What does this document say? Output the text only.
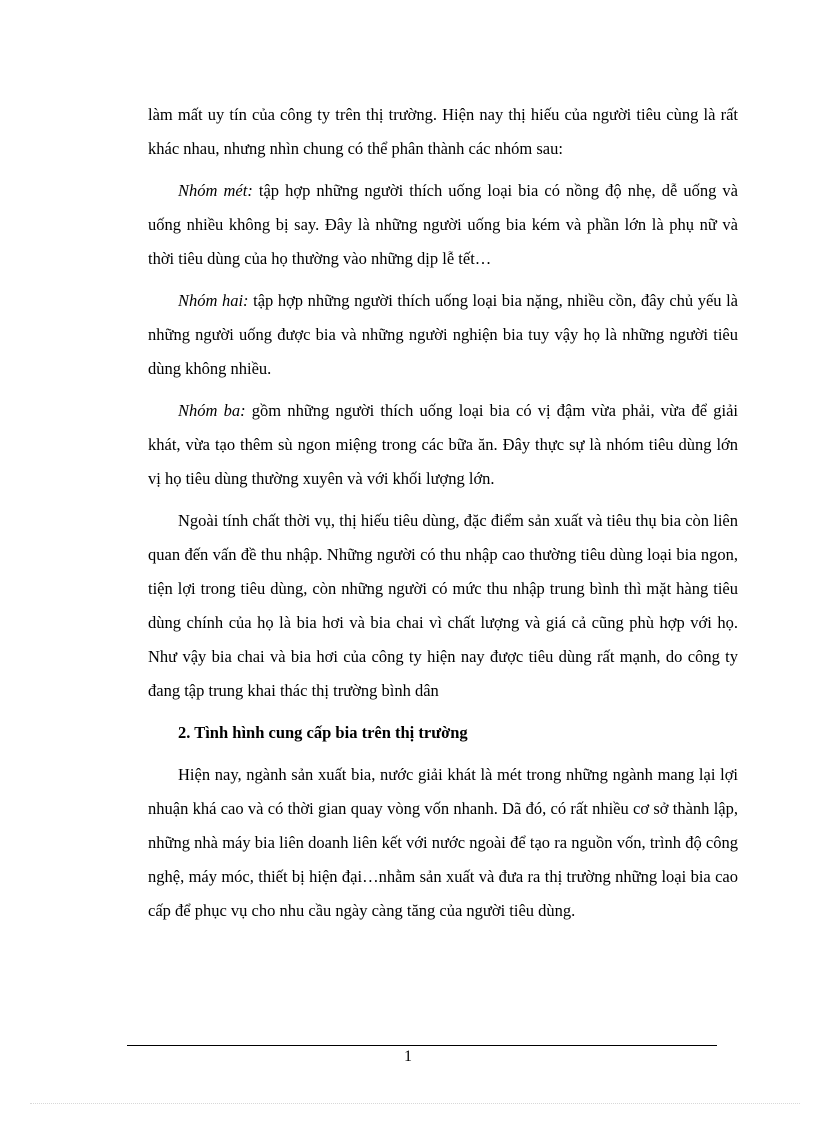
làm mất uy tín của công ty trên thị trường. Hiện nay thị hiếu của người tiêu cùng là rất khác nhau, nhưng nhìn chung có thể phân thành các nhóm sau:

Nhóm mét: tập hợp những người thích uống loại bia có nồng độ nhẹ, dễ uống và uống nhiều không bị say. Đây là những người uống bia kém và phần lớn là phụ nữ và thời tiêu dùng của họ thường vào những dịp lễ tết…

Nhóm hai: tập hợp những người thích uống loại bia nặng, nhiều cồn, đây chủ yếu là những người uống được bia và những người nghiện bia tuy vậy họ là những người tiêu dùng không nhiều.

Nhóm ba: gồm những người thích uống loại bia có vị đậm vừa phải, vừa để giải khát, vừa tạo thêm sù ngon miệng trong các bữa ăn. Đây thực sự là nhóm tiêu dùng lớn vị họ tiêu dùng thường xuyên và với khối lượng lớn.

Ngoài tính chất thời vụ, thị hiếu tiêu dùng, đặc điểm sản xuất và tiêu thụ bia còn liên quan đến vấn đề thu nhập. Những người có thu nhập cao thường tiêu dùng loại bia ngon, tiện lợi trong tiêu dùng, còn những người có mức thu nhập trung bình thì mặt hàng tiêu dùng chính của họ là bia hơi và bia chai vì chất lượng và giá cả cũng phù hợp với họ. Như vậy bia chai và bia hơi của công ty hiện nay được tiêu dùng rất mạnh, do công ty đang tập trung khai thác thị trường bình dân

2. Tình hình cung cấp bia trên thị trường

Hiện nay, ngành sản xuất bia, nước giải khát là mét trong những ngành mang lại lợi nhuận khá cao và có thời gian quay vòng vốn nhanh. Dã đó, có rất nhiều cơ sở thành lập, những nhà máy bia liên doanh liên kết với nước ngoài để tạo ra nguồn vốn, trình độ công nghệ, máy móc, thiết bị hiện đại…nhằm sản xuất và đưa ra thị trường những loại bia cao cấp để phục vụ cho nhu cầu ngày càng tăng của người tiêu dùng.

1
